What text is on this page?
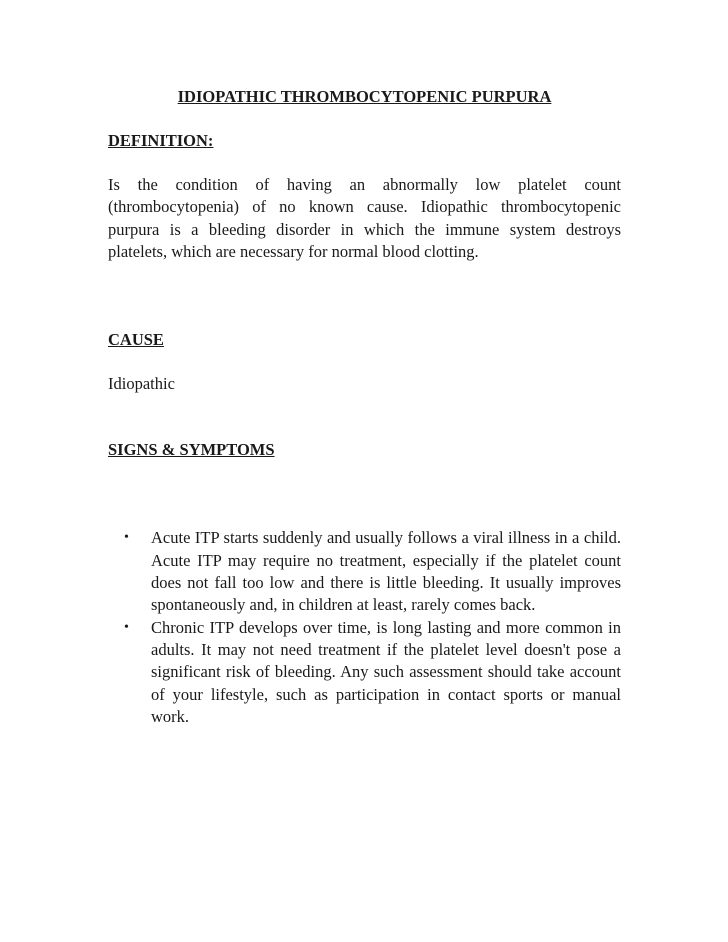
IDIOPATHIC THROMBOCYTOPENIC PURPURA
DEFINITION:

Is the condition of having an abnormally low platelet count (thrombocytopenia) of no known cause. Idiopathic thrombocytopenic purpura is a bleeding disorder in which the immune system destroys platelets, which are necessary for normal blood clotting.

CAUSE

Idiopathic

SIGNS & SYMPTOMS
• Acute ITP starts suddenly and usually follows a viral illness in a child. Acute ITP may require no treatment, especially if the platelet count does not fall too low and there is little bleeding. It usually improves spontaneously and, in children at least, rarely comes back.
• Chronic ITP develops over time, is long lasting and more common in adults. It may not need treatment if the platelet level doesn't pose a significant risk of bleeding. Any such assessment should take account of your lifestyle, such as participation in contact sports or manual work.
